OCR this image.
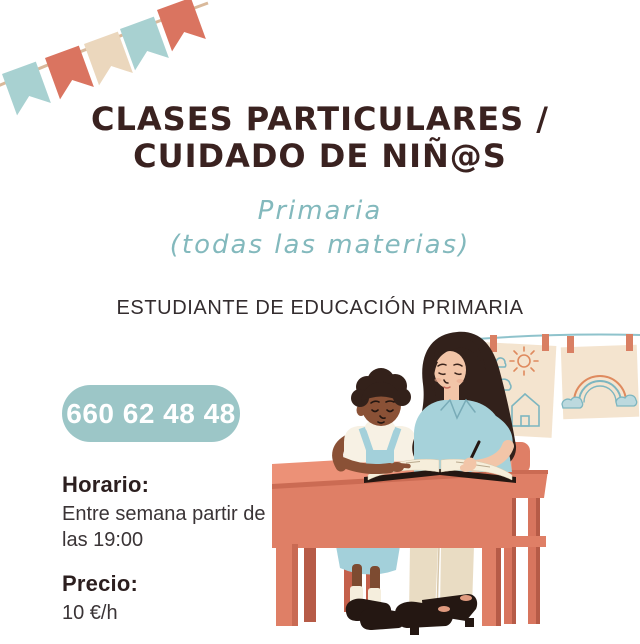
CLASES PARTICULARES /
CUIDADO DE NIÑ@S
Primaria
(todas las materias)
ESTUDIANTE DE EDUCACIÓN PRIMARIA
660 62 48 48
Horario:

Entre semana partir de

las 19:00

Precio:

10 €/h
